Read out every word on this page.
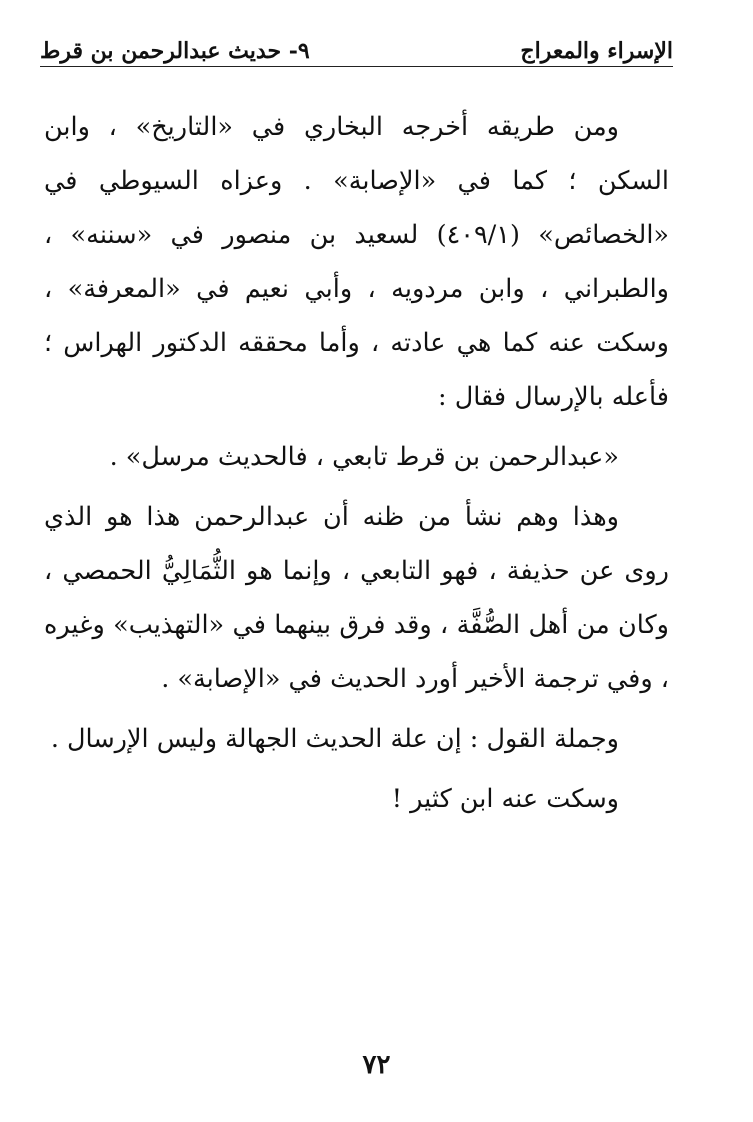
الإسراء والمعراج
٩- حديث عبدالرحمن بن قرط

ومن طريقه أخرجه البخاري في «التاريخ» ، وابن السكن ؛ كما في «الإصابة» . وعزاه السيوطي في «الخصائص» (٤٠٩/١) لسعيد بن منصور في «سننه» ، والطبراني ، وابن مردويه ، وأبي نعيم في «المعرفة» ، وسكت عنه كما هي عادته ، وأما محققه الدكتور الهراس ؛ فأعله بالإرسال فقال :

«عبدالرحمن بن قرط تابعي ، فالحديث مرسل» .

وهذا وهم نشأ من ظنه أن عبدالرحمن هذا هو الذي روى عن حذيفة ، فهو التابعي ، وإنما هو الثُّمَالِيُّ الحمصي ، وكان من أهل الصُّفَّة ، وقد فرق بينهما في «التهذيب» وغيره ، وفي ترجمة الأخير أورد الحديث في «الإصابة» .

وجملة القول : إن علة الحديث الجهالة وليس الإرسال .

وسكت عنه ابن كثير !

٧٢
